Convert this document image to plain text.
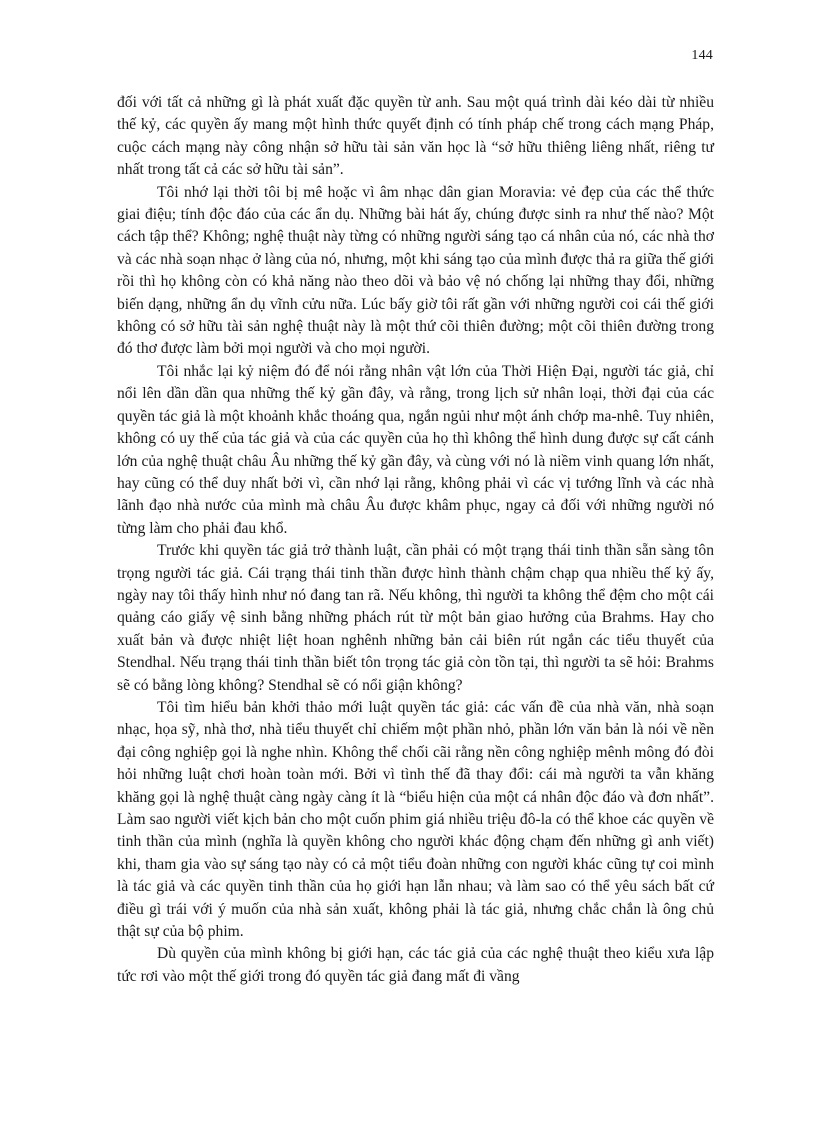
144

đối với tất cả những gì là phát xuất đặc quyền từ anh. Sau một quá trình dài kéo dài từ nhiều thế kỷ, các quyền ấy mang một hình thức quyết định có tính pháp chế trong cách mạng Pháp, cuộc cách mạng này công nhận sở hữu tài sản văn học là “sở hữu thiêng liêng nhất, riêng tư nhất trong tất cả các sở hữu tài sản”.

Tôi nhớ lại thời tôi bị mê hoặc vì âm nhạc dân gian Moravia: vẻ đẹp của các thể thức giai điệu; tính độc đáo của các ẩn dụ. Những bài hát ấy, chúng được sinh ra như thế nào? Một cách tập thể? Không; nghệ thuật này từng có những người sáng tạo cá nhân của nó, các nhà thơ và các nhà soạn nhạc ở làng của nó, nhưng, một khi sáng tạo của mình được thả ra giữa thế giới rồi thì họ không còn có khả năng nào theo dõi và bảo vệ nó chống lại những thay đổi, những biến dạng, những ẩn dụ vĩnh cửu nữa. Lúc bấy giờ tôi rất gần với những người coi cái thế giới không có sở hữu tài sản nghệ thuật này là một thứ cõi thiên đường; một cõi thiên đường trong đó thơ được làm bởi mọi người và cho mọi người.

Tôi nhắc lại kỷ niệm đó để nói rằng nhân vật lớn của Thời Hiện Đại, người tác giả, chỉ nổi lên dần dần qua những thế kỷ gần đây, và rằng, trong lịch sử nhân loại, thời đại của các quyền tác giả là một khoảnh khắc thoáng qua, ngắn ngủi như một ánh chớp ma-nhê. Tuy nhiên, không có uy thế của tác giả và của các quyền của họ thì không thể hình dung được sự cất cánh lớn của nghệ thuật châu Âu những thế kỷ gần đây, và cùng với nó là niềm vinh quang lớn nhất, hay cũng có thể duy nhất bởi vì, cần nhớ lại rằng, không phải vì các vị tướng lĩnh và các nhà lãnh đạo nhà nước của mình mà châu Âu được khâm phục, ngay cả đối với những người nó từng làm cho phải đau khổ.

Trước khi quyền tác giả trở thành luật, cần phải có một trạng thái tinh thần sẵn sàng tôn trọng người tác giả. Cái trạng thái tinh thần được hình thành chậm chạp qua nhiều thế kỷ ấy, ngày nay tôi thấy hình như nó đang tan rã. Nếu không, thì người ta không thể đệm cho một cái quảng cáo giấy vệ sinh bằng những phách rút từ một bản giao hưởng của Brahms. Hay cho xuất bản và được nhiệt liệt hoan nghênh những bản cải biên rút ngắn các tiểu thuyết của Stendhal. Nếu trạng thái tinh thần biết tôn trọng tác giả còn tồn tại, thì người ta sẽ hỏi: Brahms sẽ có bằng lòng không? Stendhal sẽ có nổi giận không?

Tôi tìm hiểu bản khởi thảo mới luật quyền tác giả: các vấn đề của nhà văn, nhà soạn nhạc, họa sỹ, nhà thơ, nhà tiểu thuyết chỉ chiếm một phần nhỏ, phần lớn văn bản là nói về nền đại công nghiệp gọi là nghe nhìn. Không thể chối cãi rằng nền công nghiệp mênh mông đó đòi hỏi những luật chơi hoàn toàn mới. Bởi vì tình thế đã thay đổi: cái mà người ta vẫn khăng khăng gọi là nghệ thuật càng ngày càng ít là “biểu hiện của một cá nhân độc đáo và đơn nhất”. Làm sao người viết kịch bản cho một cuốn phim giá nhiều triệu đô-la có thể khoe các quyền về tinh thần của mình (nghĩa là quyền không cho người khác động chạm đến những gì anh viết) khi, tham gia vào sự sáng tạo này có cả một tiểu đoàn những con người khác cũng tự coi mình là tác giả và các quyền tinh thần của họ giới hạn lẫn nhau; và làm sao có thể yêu sách bất cứ điều gì trái với ý muốn của nhà sản xuất, không phải là tác giả, nhưng chắc chắn là ông chủ thật sự của bộ phim.

Dù quyền của mình không bị giới hạn, các tác giả của các nghệ thuật theo kiểu xưa lập tức rơi vào một thế giới trong đó quyền tác giả đang mất đi vầng
